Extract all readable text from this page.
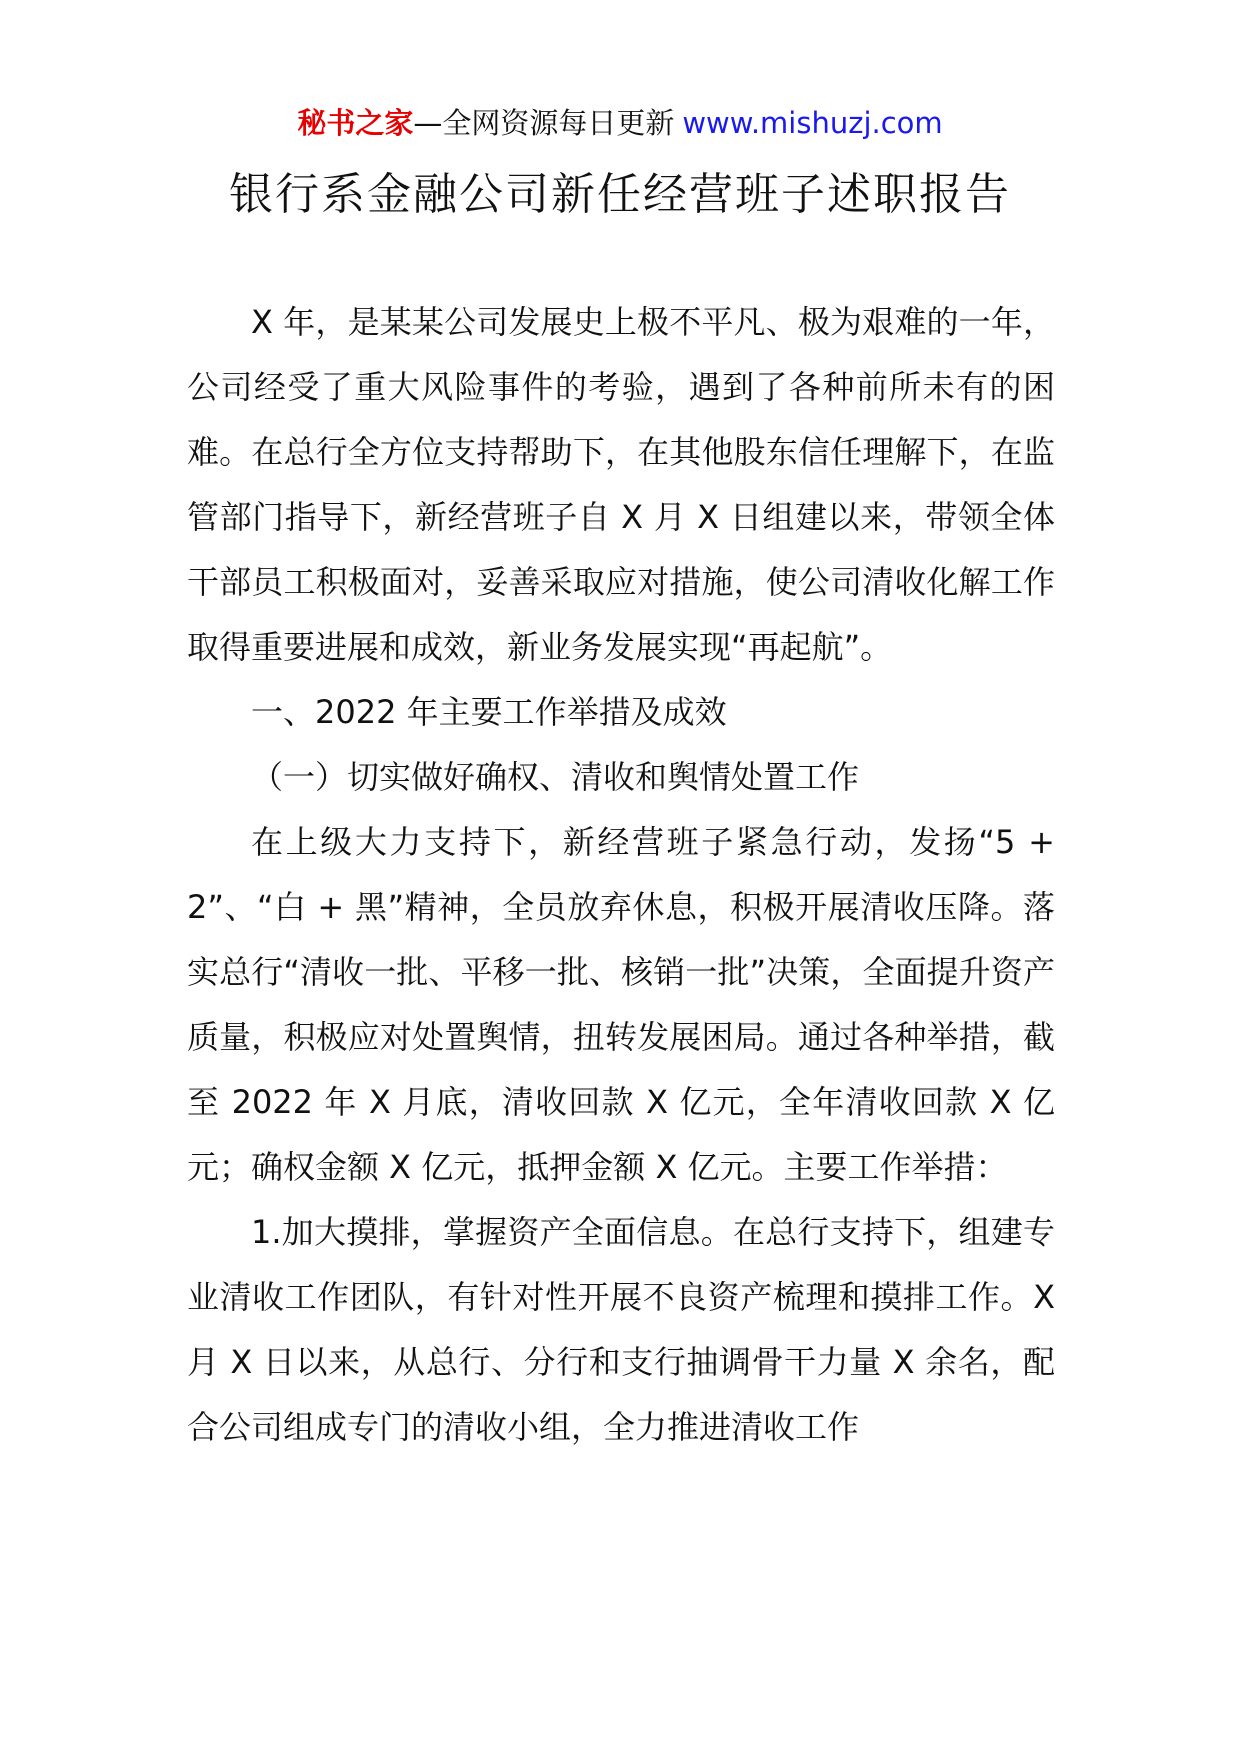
秘书之家—全网资源每日更新 www.mishuzj.com
银行系金融公司新任经营班子述职报告

X 年，是某某公司发展史上极不平凡、极为艰难的一年，公司经受了重大风险事件的考验，遇到了各种前所未有的困难。在总行全方位支持帮助下，在其他股东信任理解下，在监管部门指导下，新经营班子自 X 月 X 日组建以来，带领全体干部员工积极面对，妥善采取应对措施，使公司清收化解工作取得重要进展和成效，新业务发展实现“再起航”。

一、2022 年主要工作举措及成效

（一）切实做好确权、清收和舆情处置工作

在上级大力支持下，新经营班子紧急行动，发扬“5 + 2”、“白 + 黑”精神，全员放弃休息，积极开展清收压降。落实总行“清收一批、平移一批、核销一批”决策，全面提升资产质量，积极应对处置舆情，扭转发展困局。通过各种举措，截至 2022 年 X 月底，清收回款 X 亿元，全年清收回款 X 亿元；确权金额 X 亿元，抵押金额 X 亿元。主要工作举措：

1.加大摸排，掌握资产全面信息。在总行支持下，组建专业清收工作团队，有针对性开展不良资产梳理和摸排工作。X 月 X 日以来，从总行、分行和支行抽调骨干力量 X 余名，配合公司组成专门的清收小组，全力推进清收工作
